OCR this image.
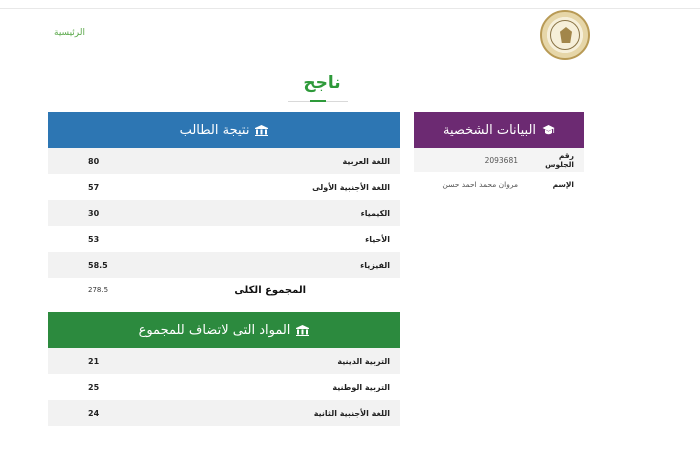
الرئيسية
ناجح
نتيجة الطالب
اللغة العربية
80
اللغة الأجنبية الأولى
57
الكيمياء
30
الأحياء
53
الفيزياء
58.5
المجموع الكلى
278.5
المواد التى لاتضاف للمجموع
التربية الدينية
21
التربية الوطنية
25
اللغة الأجنبية الثانية
24
البيانات الشخصية
رقم الجلوس
2093681
الإسم
مروان محمد احمد حسن
